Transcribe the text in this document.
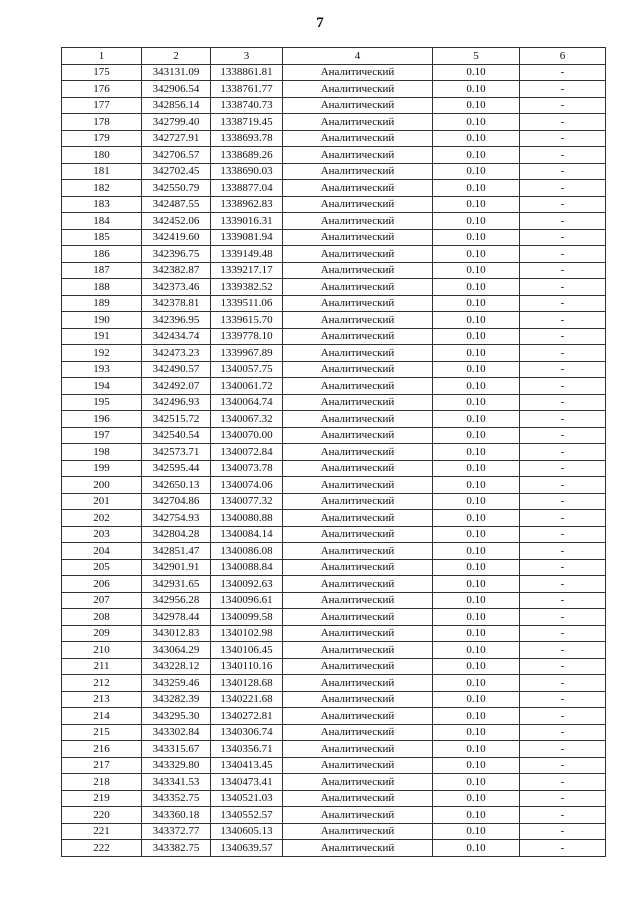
7
1	2	3	4	5	6
175	343131.09	1338861.81	Аналитический	0.10	-
176	342906.54	1338761.77	Аналитический	0.10	-
177	342856.14	1338740.73	Аналитический	0.10	-
178	342799.40	1338719.45	Аналитический	0.10	-
179	342727.91	1338693.78	Аналитический	0.10	-
180	342706.57	1338689.26	Аналитический	0.10	-
181	342702.45	1338690.03	Аналитический	0.10	-
182	342550.79	1338877.04	Аналитический	0.10	-
183	342487.55	1338962.83	Аналитический	0.10	-
184	342452.06	1339016.31	Аналитический	0.10	-
185	342419.60	1339081.94	Аналитический	0.10	-
186	342396.75	1339149.48	Аналитический	0.10	-
187	342382.87	1339217.17	Аналитический	0.10	-
188	342373.46	1339382.52	Аналитический	0.10	-
189	342378.81	1339511.06	Аналитический	0.10	-
190	342396.95	1339615.70	Аналитический	0.10	-
191	342434.74	1339778.10	Аналитический	0.10	-
192	342473.23	1339967.89	Аналитический	0.10	-
193	342490.57	1340057.75	Аналитический	0.10	-
194	342492.07	1340061.72	Аналитический	0.10	-
195	342496.93	1340064.74	Аналитический	0.10	-
196	342515.72	1340067.32	Аналитический	0.10	-
197	342540.54	1340070.00	Аналитический	0.10	-
198	342573.71	1340072.84	Аналитический	0.10	-
199	342595.44	1340073.78	Аналитический	0.10	-
200	342650.13	1340074.06	Аналитический	0.10	-
201	342704.86	1340077.32	Аналитический	0.10	-
202	342754.93	1340080.88	Аналитический	0.10	-
203	342804.28	1340084.14	Аналитический	0.10	-
204	342851.47	1340086.08	Аналитический	0.10	-
205	342901.91	1340088.84	Аналитический	0.10	-
206	342931.65	1340092.63	Аналитический	0.10	-
207	342956.28	1340096.61	Аналитический	0.10	-
208	342978.44	1340099.58	Аналитический	0.10	-
209	343012.83	1340102.98	Аналитический	0.10	-
210	343064.29	1340106.45	Аналитический	0.10	-
211	343228.12	1340110.16	Аналитический	0.10	-
212	343259.46	1340128.68	Аналитический	0.10	-
213	343282.39	1340221.68	Аналитический	0.10	-
214	343295.30	1340272.81	Аналитический	0.10	-
215	343302.84	1340306.74	Аналитический	0.10	-
216	343315.67	1340356.71	Аналитический	0.10	-
217	343329.80	1340413.45	Аналитический	0.10	-
218	343341.53	1340473.41	Аналитический	0.10	-
219	343352.75	1340521.03	Аналитический	0.10	-
220	343360.18	1340552.57	Аналитический	0.10	-
221	343372.77	1340605.13	Аналитический	0.10	-
222	343382.75	1340639.57	Аналитический	0.10	-
